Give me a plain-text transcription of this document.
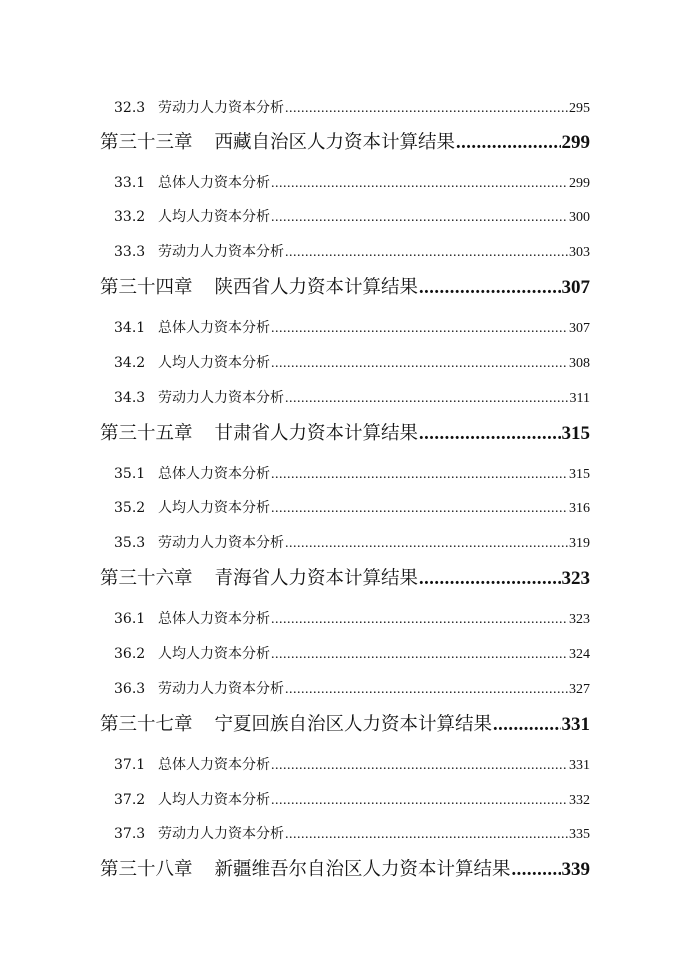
32.3 劳动力人力资本分析 .....	295
第三十三章 西藏自治区人力资本计算结果 .....	299
33.1 总体人力资本分析 .....	299
33.2 人均人力资本分析 .....	300
33.3 劳动力人力资本分析 .....	303
第三十四章 陕西省人力资本计算结果 .....	307
34.1 总体人力资本分析 .....	307
34.2 人均人力资本分析 .....	308
34.3 劳动力人力资本分析 .....	311
第三十五章 甘肃省人力资本计算结果 .....	315
35.1 总体人力资本分析 .....	315
35.2 人均人力资本分析 .....	316
35.3 劳动力人力资本分析 .....	319
第三十六章 青海省人力资本计算结果 .....	323
36.1 总体人力资本分析 .....	323
36.2 人均人力资本分析 .....	324
36.3 劳动力人力资本分析 .....	327
第三十七章 宁夏回族自治区人力资本计算结果 .....	331
37.1 总体人力资本分析 .....	331
37.2 人均人力资本分析 .....	332
37.3 劳动力人力资本分析 .....	335
第三十八章 新疆维吾尔自治区人力资本计算结果 .....	339
